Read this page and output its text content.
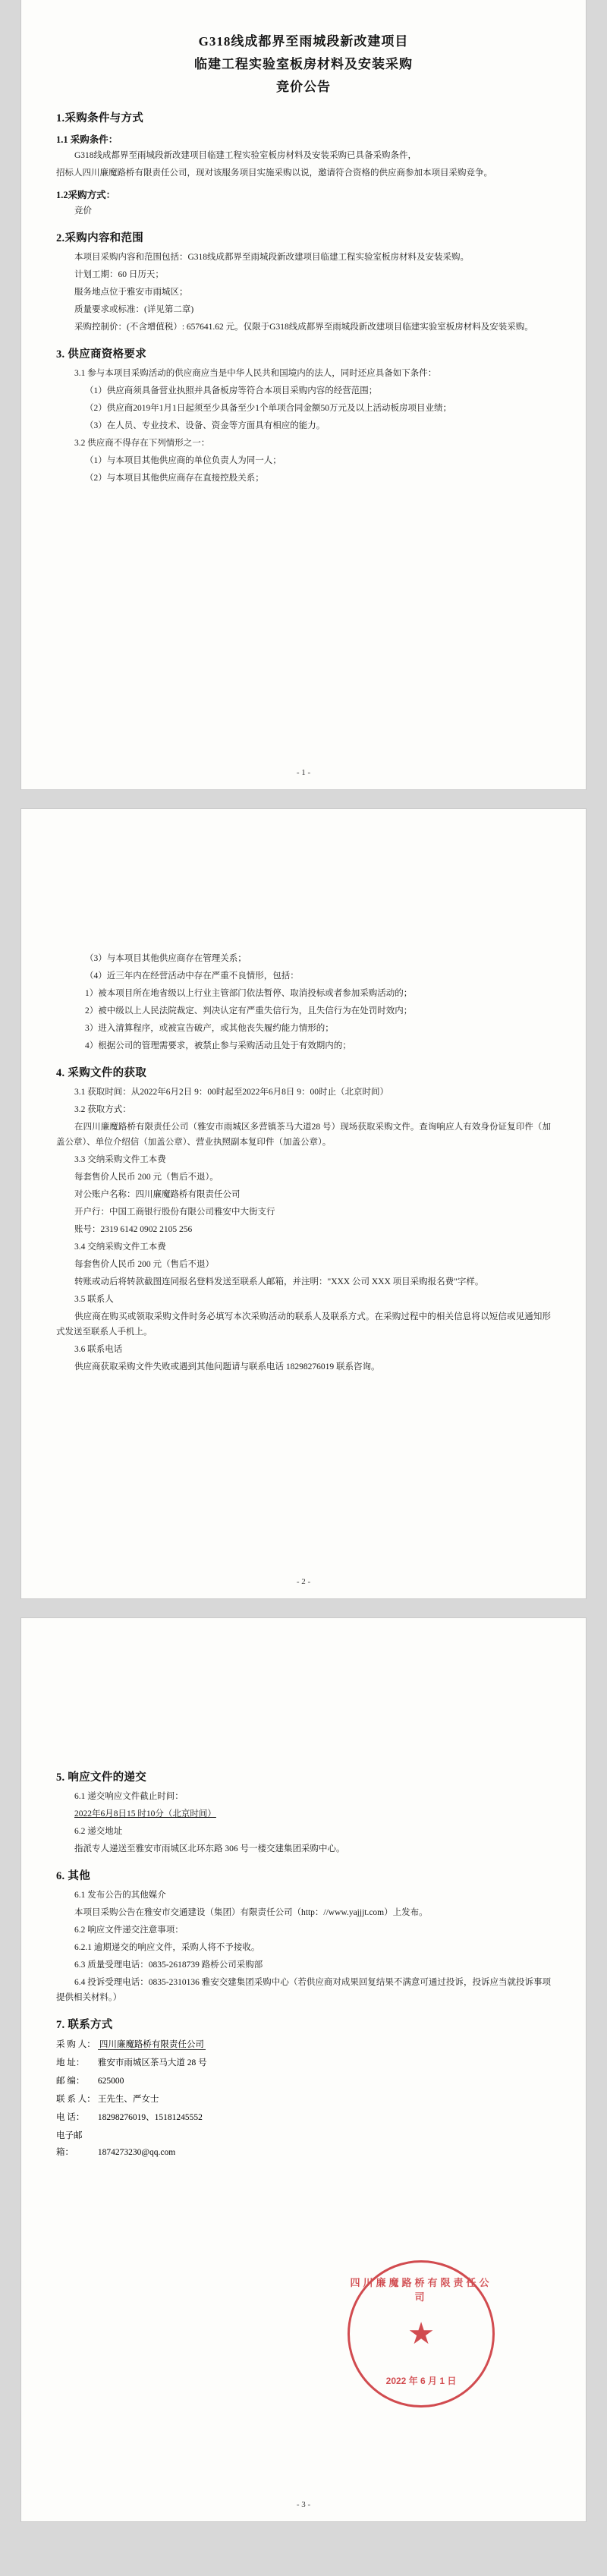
G318线成都界至雨城段新改建项目
临建工程实验室板房材料及安装采购
竞价公告
1.采购条件与方式
1.1 采购条件：

G318线成都界至雨城段新改建项目临建工程实验室板房材料及安装采购已具备采购条件，

招标人四川廉魔路桥有限责任公司，现对该服务项目实施采购以说，邀请符合资格的供应商参加本项目采购竞争。

1.2采购方式：

竞价

2.采购内容和范围

本项目采购内容和范围包括：G318线成都界至雨城段新改建项目临建工程实验室板房材料及安装采购。

计划工期：60 日历天；

服务地点位于雅安市雨城区；

质量要求或标准：(详见第二章)

采购控制价：(不含增值税）: 657641.62 元。仅限于G318线成都界至雨城段新改建项目临建实验室板房材料及安装采购。

3. 供应商资格要求

3.1 参与本项目采购活动的供应商应当是中华人民共和国境内的法人，同时还应具备如下条件：

（1）供应商须具备营业执照并具备板房等符合本项目采购内容的经营范围；

（2）供应商2019年1月1日起须至少具备至少1个单项合同金额50万元及以上活动板房项目业绩；

（3）在人员、专业技术、设备、资金等方面具有相应的能力。

3.2 供应商不得存在下列情形之一：

（1）与本项目其他供应商的单位负责人为同一人；

（2）与本项目其他供应商存在直接控股关系；

- 1 -

（3）与本项目其他供应商存在管理关系；

（4）近三年内在经营活动中存在严重不良情形，包括：

1）被本项目所在地省级以上行业主管部门依法暂停、取消投标或者参加采购活动的；

2）被中级以上人民法院裁定、判决认定有严重失信行为，且失信行为在处罚时效内；

3）进入清算程序，或被宣告破产，或其他丧失履约能力情形的；

4）根据公司的管理需要求，被禁止参与采购活动且处于有效期内的；

4. 采购文件的获取

3.1 获取时间：从2022年6月2日 9：00时起至2022年6月8日 9：00时止（北京时间）

3.2 获取方式：

在四川廉魔路桥有限责任公司（雅安市雨城区多营镇茶马大道28 号）现场获取采购文件。查询响应人有效身份证复印件（加盖公章）、单位介绍信（加盖公章）、营业执照副本复印件（加盖公章）。

3.3 交纳采购文件工本费

每套售价人民币 200 元（售后不退）。

对公账户名称：四川廉魔路桥有限责任公司

开户行：中国工商银行股份有限公司雅安中大街支行

账号：2319 6142 0902 2105 256

3.4 交纳采购文件工本费

每套售价人民币 200 元（售后不退）

转账或动后将转款截图连同报名登料发送至联系人邮箱，并注明："XXX 公司 XXX 项目采购报名费"字样。

3.5 联系人

供应商在购买或领取采购文件时务必填写本次采购活动的联系人及联系方式。在采购过程中的相关信息将以短信或见通知形式发送至联系人手机上。

3.6 联系电话

供应商获取采购文件失败或遇到其他问题请与联系电话 18298276019 联系咨询。

- 2 -
5. 响应文件的递交

6.1 递交响应文件截止时间：

2022年6月8日15 时10分（北京时间）

6.2 递交地址

指派专人递送至雅安市雨城区北环东路 306 号一楼交建集团采购中心。

6. 其他

6.1 发布公告的其他媒介

本项目采购公告在雅安市交通建设（集团）有限责任公司（http：//www.yajjjt.com）上发布。

6.2 响应文件递交注意事项：

6.2.1 逾期递交的响应文件，采购人将不予接收。

6.3 质量受理电话：0835-2618739 路桥公司采购部

6.4 投诉受理电话：0835-2310136 雅安交建集团采购中心（若供应商对成果回复结果不满意可通过投诉，投诉应当就投诉事项提供相关材料。）

7. 联系方式
采 购 人： 四川廉魔路桥有限责任公司
地 址： 雅安市雨城区茶马大道 28 号
邮 编： 625000
联 系 人： 王先生、严女士
电 话： 18298276019、15181245552
电子邮箱：	1874273230@qq.com
四川廉魔路桥有限责任公司
★
2022 年 6 月 1 日
- 3 -
